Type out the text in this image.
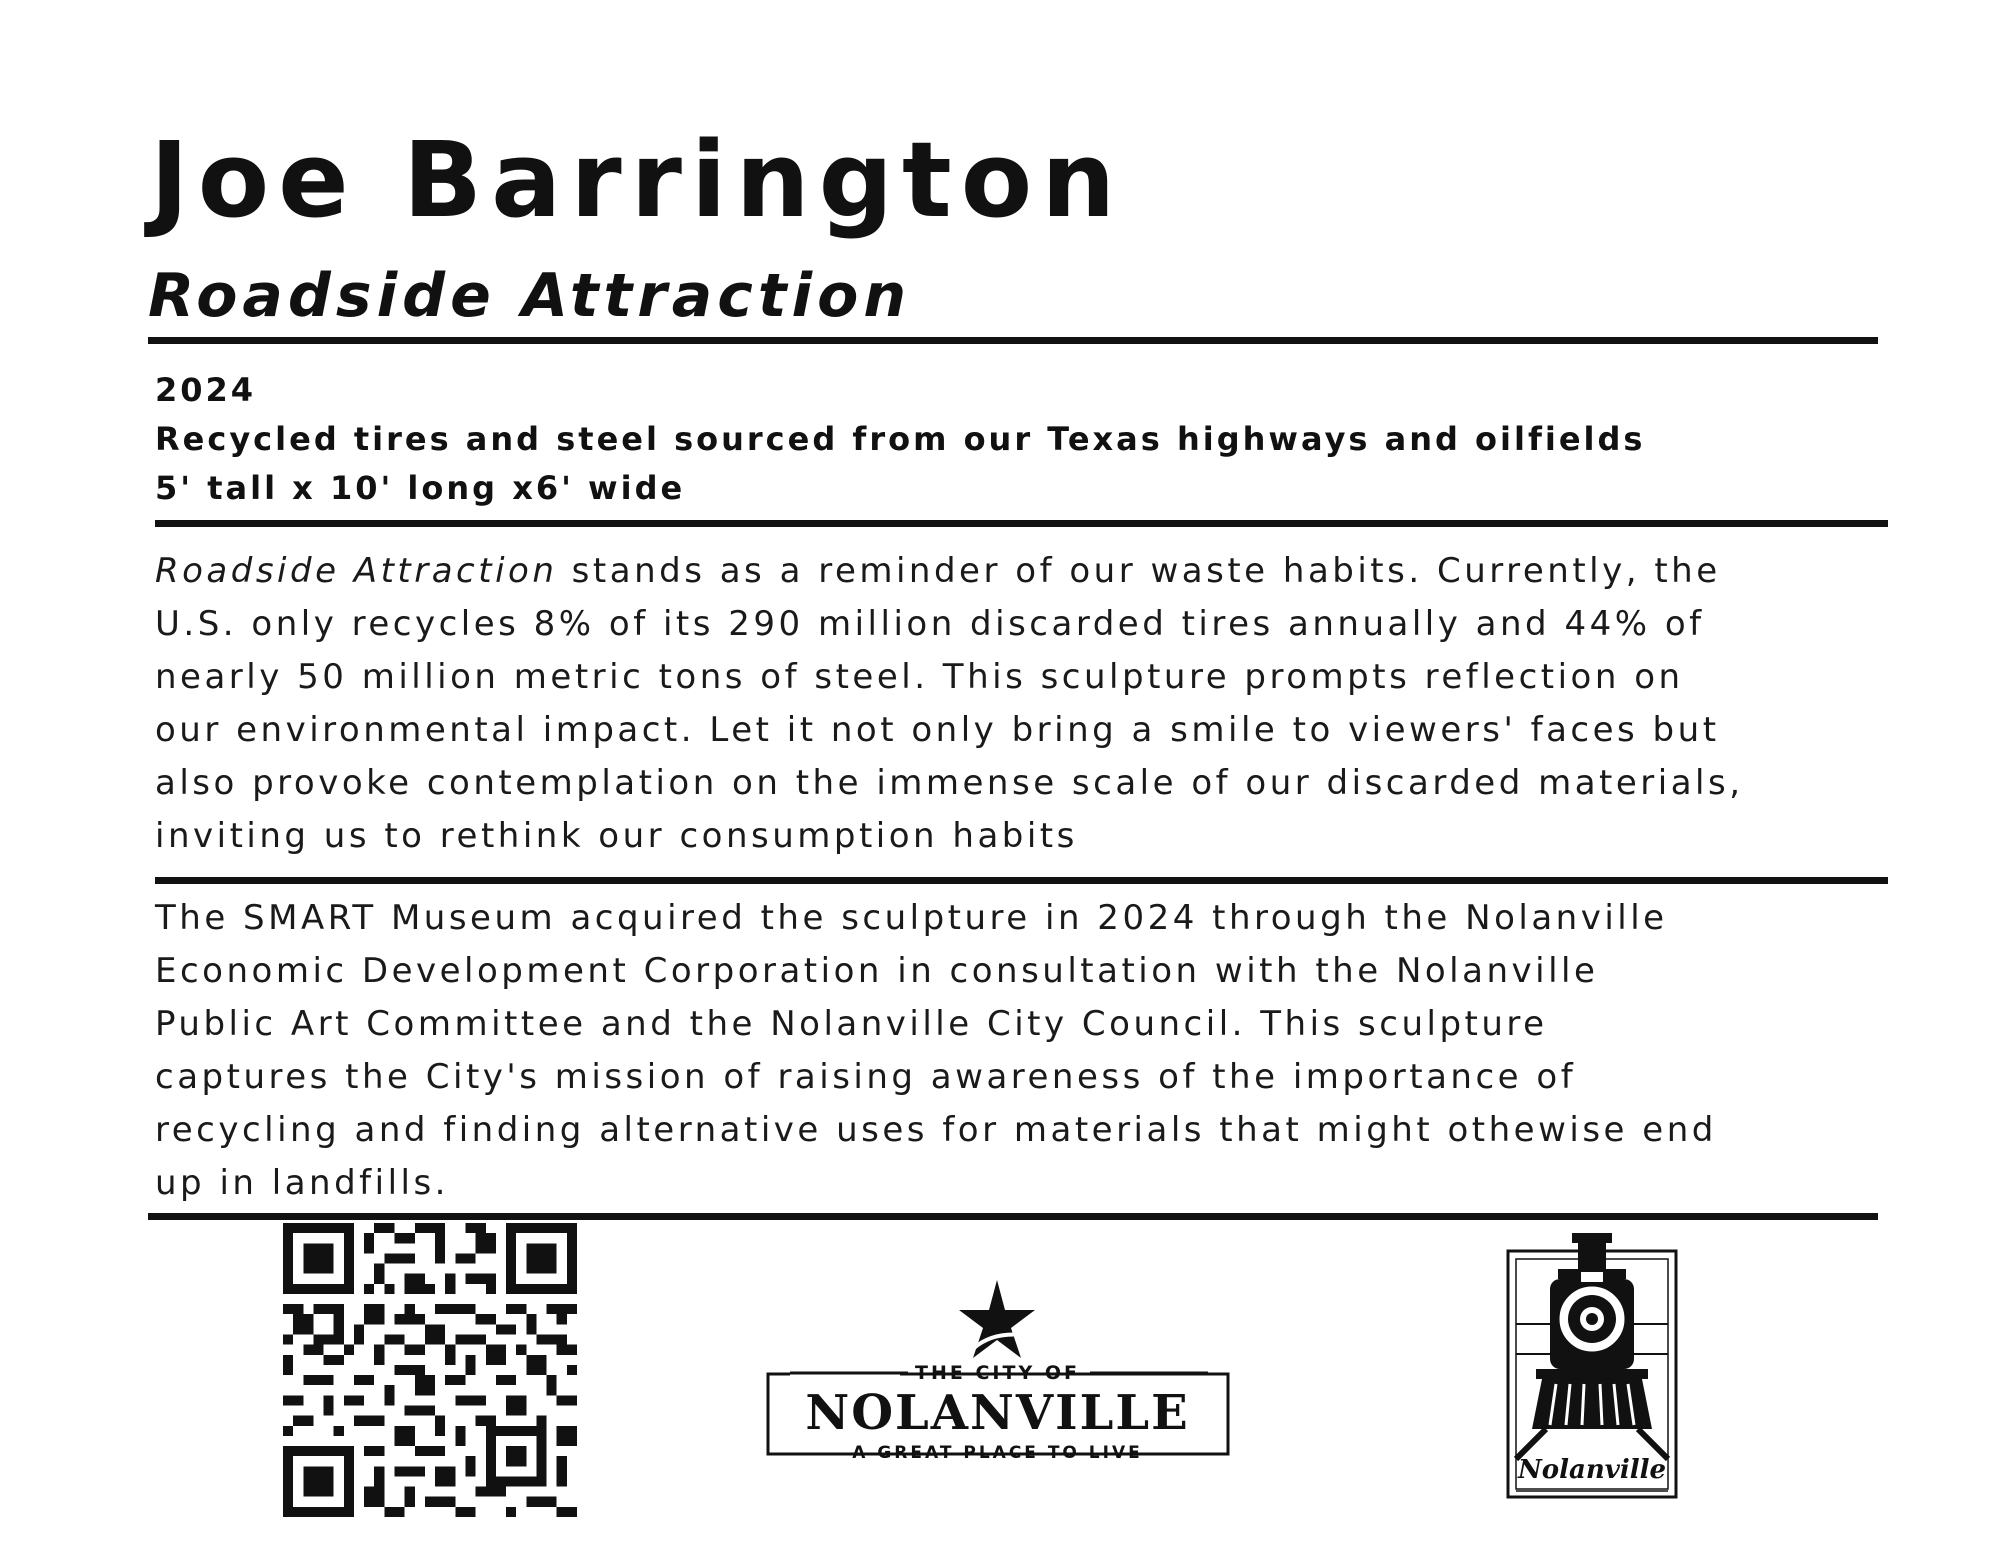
Joe Barrington
Roadside Attraction
2024
Recycled tires and steel sourced from our Texas highways and oilfields
5' tall x 10' long x6' wide
Roadside Attraction stands as a reminder of our waste habits. Currently, the
U.S. only recycles 8% of its 290 million discarded tires annually and 44% of
nearly 50 million metric tons of steel. This sculpture prompts reflection on
our environmental impact. Let it not only bring a smile to viewers' faces but
also provoke contemplation on the immense scale of our discarded materials,
inviting us to rethink our consumption habits
The SMART Museum acquired the sculpture in 2024 through the Nolanville
Economic Development Corporation in consultation with the Nolanville
Public Art Committee and the Nolanville City Council. This sculpture
captures the City's mission of raising awareness of the importance of
recycling and finding alternative uses for materials that might othewise end
up in landfills.
THE CITY OF
NOLANVILLE
A GREAT PLACE TO LIVE
Nolanville
